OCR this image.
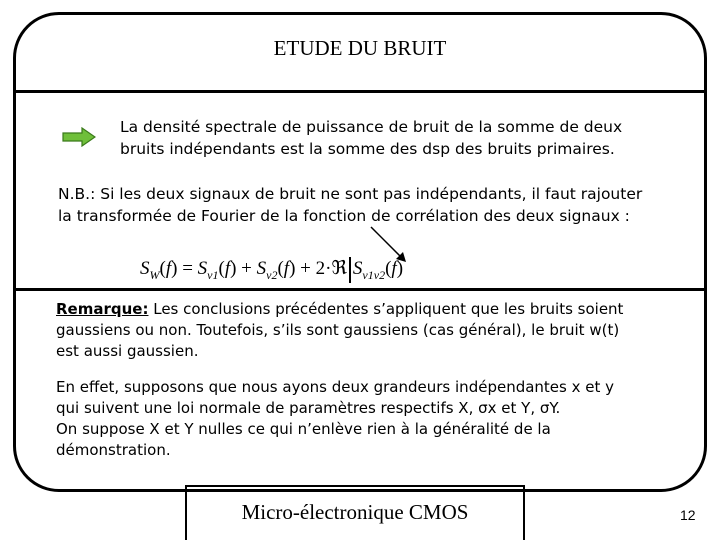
ETUDE DU BRUIT
La densité spectrale de puissance de bruit de la somme de deux
bruits indépendants est la somme des dsp des bruits primaires.
N.B.: Si les deux signaux de bruit ne sont pas indépendants, il faut rajouter
la transformée de Fourier de la fonction de corrélation des deux signaux :
$S_W(f) = S_{v1}(f) + S_{v2}(f)$ + 2·ℜ $S_{v1v2}(f)$
Remarque: Les conclusions précédentes s’appliquent que les bruits soient
gaussiens ou non. Toutefois, s’ils sont gaussiens (cas général), le bruit w(t)
est aussi gaussien.
En effet, supposons que nous ayons deux grandeurs indépendantes x et y
qui suivent une loi normale de paramètres respectifs X, σx et Y, σY.
On suppose X et Y nulles ce qui n’enlève rien à la généralité de la
démonstration.
Micro-électronique CMOS	12
